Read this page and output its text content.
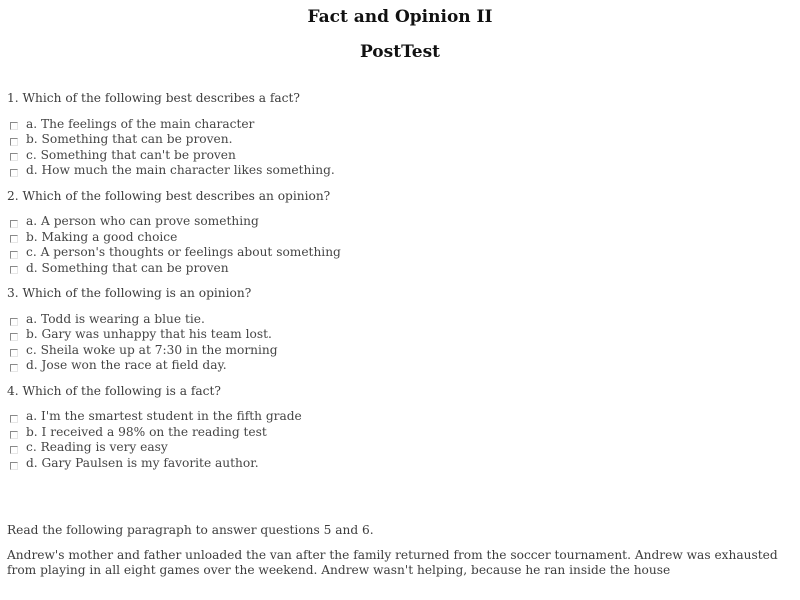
Fact and Opinion II
PostTest

1. Which of the following best describes a fact?

a. The feelings of the main character
b. Something that can be proven.
c. Something that can't be proven
d. How much the main character likes something.

2. Which of the following best describes an opinion?

a. A person who can prove something
b. Making a good choice
c. A person's thoughts or feelings about something
d. Something that can be proven

3. Which of the following is an opinion?

a. Todd is wearing a blue tie.
b. Gary was unhappy that his team lost.
c. Sheila woke up at 7:30 in the morning
d. Jose won the race at field day.

4. Which of the following is a fact?

a. I'm the smartest student in the fifth grade
b. I received a 98% on the reading test
c. Reading is very easy
d. Gary Paulsen is my favorite author.

Read the following paragraph to answer questions 5 and 6.

Andrew's mother and father unloaded the van after the family returned from the soccer tournament. Andrew was exhausted from playing in all eight games over the weekend. Andrew wasn't helping, because he ran inside the house
